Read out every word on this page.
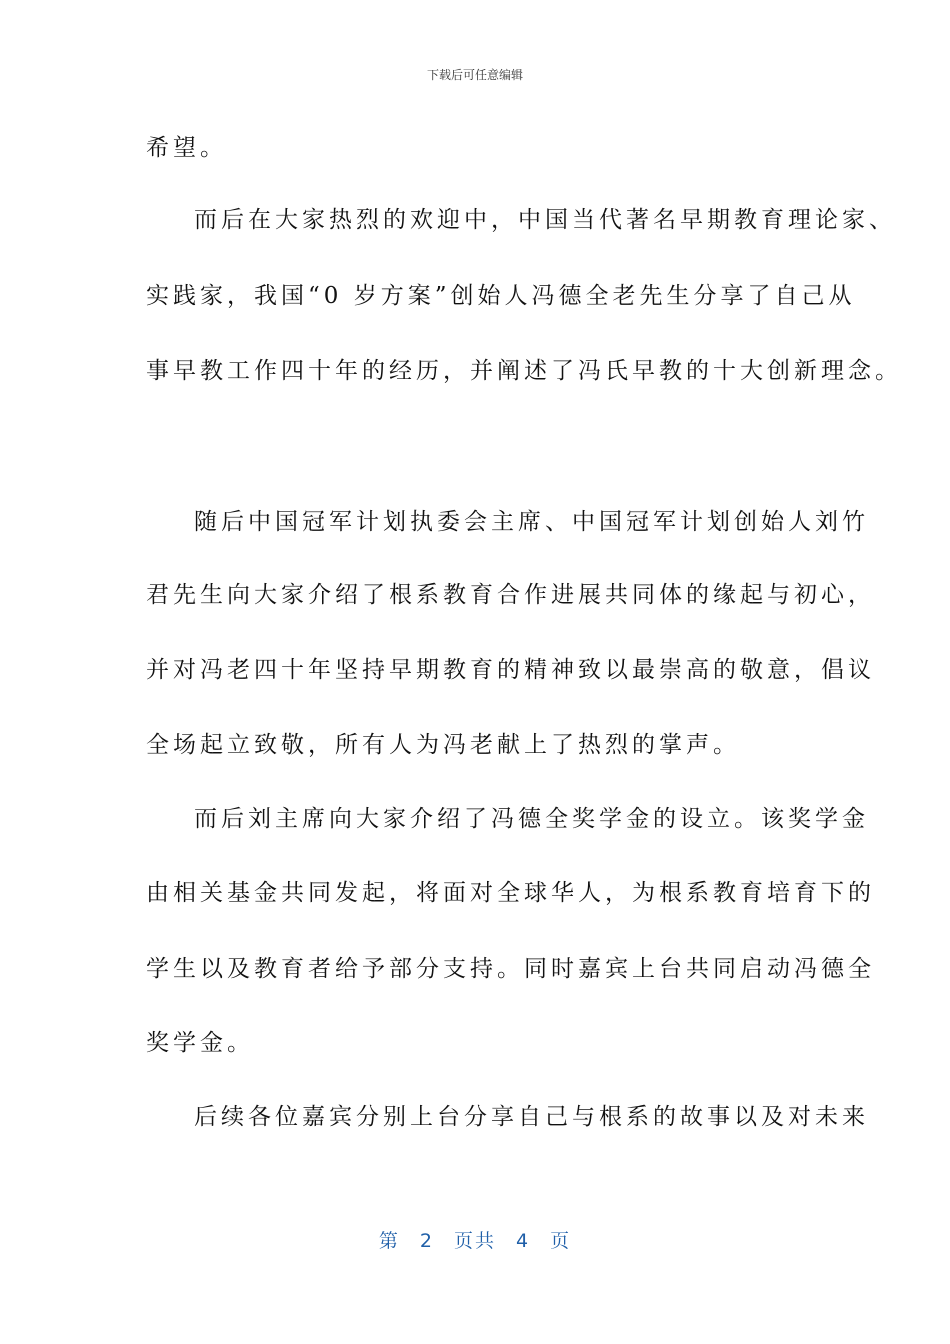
下载后可任意编辑
希望。
而后在大家热烈的欢迎中，中国当代著名早期教育理论家、
实践家，我国“0 岁方案”创始人冯德全老先生分享了自己从
事早教工作四十年的经历，并阐述了冯氏早教的十大创新理念。
随后中国冠军计划执委会主席、中国冠军计划创始人刘竹
君先生向大家介绍了根系教育合作进展共同体的缘起与初心，
并对冯老四十年坚持早期教育的精神致以最崇高的敬意，倡议
全场起立致敬，所有人为冯老献上了热烈的掌声。
而后刘主席向大家介绍了冯德全奖学金的设立。该奖学金
由相关基金共同发起，将面对全球华人，为根系教育培育下的
学生以及教育者给予部分支持。同时嘉宾上台共同启动冯德全
奖学金。
后续各位嘉宾分别上台分享自己与根系的故事以及对未来
第 2 页共 4 页
